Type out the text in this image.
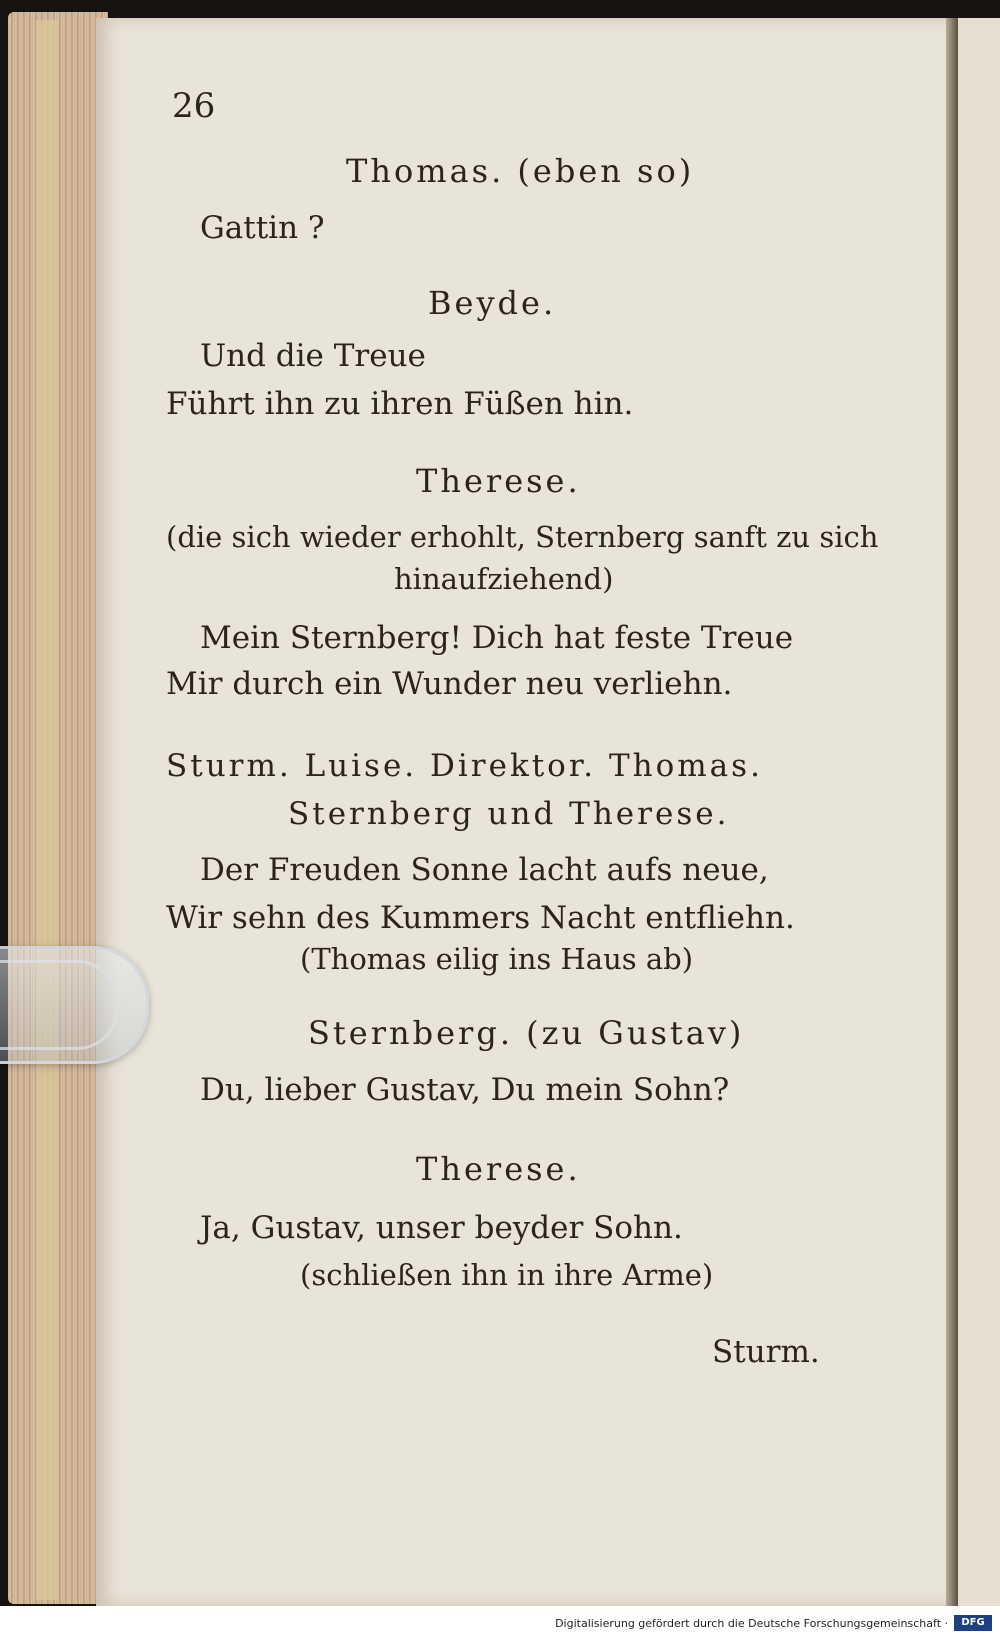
26
Thomas. (eben so)
Gattin ?
Beyde.
Und die Treue
Führt ihn zu ihren Füßen hin.
Therese.
(die sich wieder erhohlt, Sternberg sanft zu sich
hinaufziehend)
Mein Sternberg! Dich hat feste Treue
Mir durch ein Wunder neu verliehn.
Sturm. Luise. Direktor. Thomas.
Sternberg und Therese.
Der Freuden Sonne lacht aufs neue,
Wir sehn des Kummers Nacht entfliehn.
(Thomas eilig ins Haus ab)
Sternberg. (zu Gustav)
Du, lieber Gustav, Du mein Sohn?
Therese.
Ja, Gustav, unser beyder Sohn.
(schließen ihn in ihre Arme)
Sturm.
Digitalisierung gefördert durch die Deutsche Forschungsgemeinschaft ·	DFG
